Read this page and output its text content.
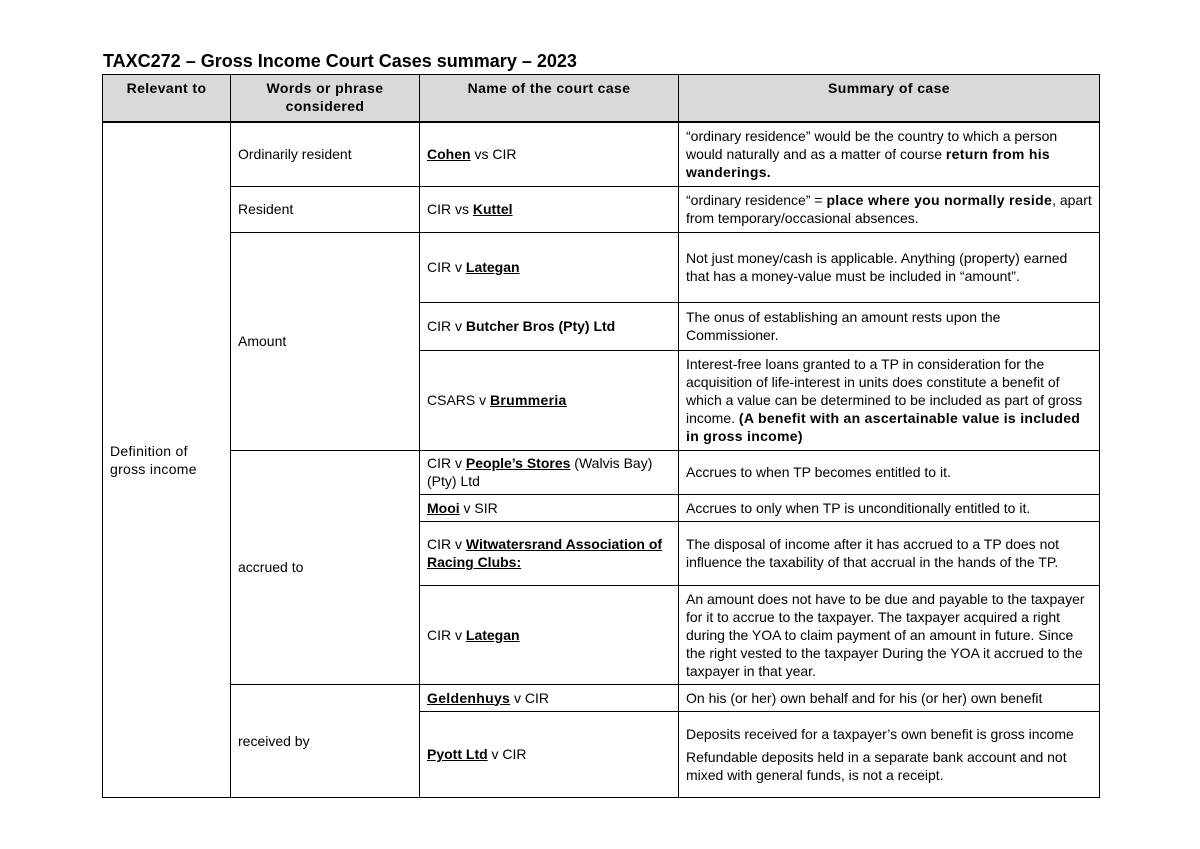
TAXC272 – Gross Income Court Cases summary – 2023
Relevant to	Words or phrase considered	Name of the court case	Summary of case
Definition of gross income	Ordinarily resident	Cohen vs CIR	“ordinary residence” would be the country to which a person would naturally and as a matter of course return from his wanderings.
	Resident	CIR vs Kuttel	“ordinary residence” = place where you normally reside, apart from temporary/occasional absences.
	Amount	CIR v Lategan	Not just money/cash is applicable. Anything (property) earned that has a money-value must be included in “amount”.
		CIR v Butcher Bros (Pty) Ltd	The onus of establishing an amount rests upon the Commissioner.
		CSARS v Brummeria	Interest-free loans granted to a TP in consideration for the acquisition of life-interest in units does constitute a benefit of which a value can be determined to be included as part of gross income. (A benefit with an ascertainable value is included in gross income)
	accrued to	CIR v People’s Stores (Walvis Bay) (Pty) Ltd	Accrues to when TP becomes entitled to it.
		Mooi v SIR	Accrues to only when TP is unconditionally entitled to it.
		CIR v Witwatersrand Association of Racing Clubs:	The disposal of income after it has accrued to a TP does not influence the taxability of that accrual in the hands of the TP.
		CIR v Lategan	An amount does not have to be due and payable to the taxpayer for it to accrue to the taxpayer. The taxpayer acquired a right during the YOA to claim payment of an amount in future. Since the right vested to the taxpayer During the YOA it accrued to the taxpayer in that year.
	received by	Geldenhuys v CIR	On his (or her) own behalf and for his (or her) own benefit
		Pyott Ltd v CIR	Deposits received for a taxpayer’s own benefit is gross income

Refundable deposits held in a separate bank account and not mixed with general funds, is not a receipt.
